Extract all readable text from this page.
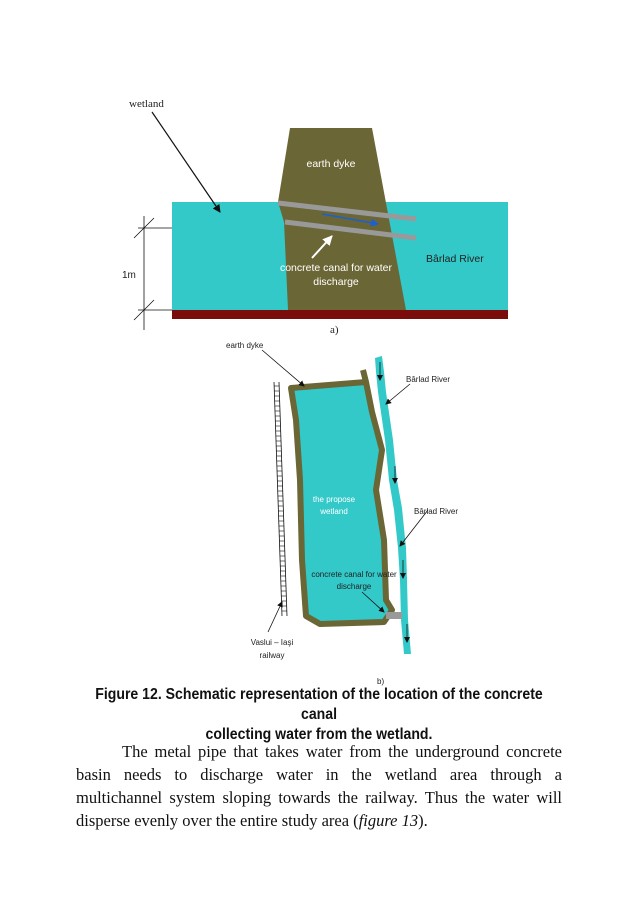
wetland
earth dyke
concrete canal for water
discharge
Bârlad River
1m
a)
earth dyke
Bârlad River
Bârlad River
the propose
wetland
concrete canal for water
discharge
Vaslui – Iaşi
railway
b)
Figure 12. Schematic representation of the location of the concrete canal
collecting water from the wetland.

The metal pipe that takes water from the underground concrete basin needs to discharge water in the wetland area through a multichannel system sloping towards the railway. Thus the water will disperse evenly over the entire study area (figure 13).
